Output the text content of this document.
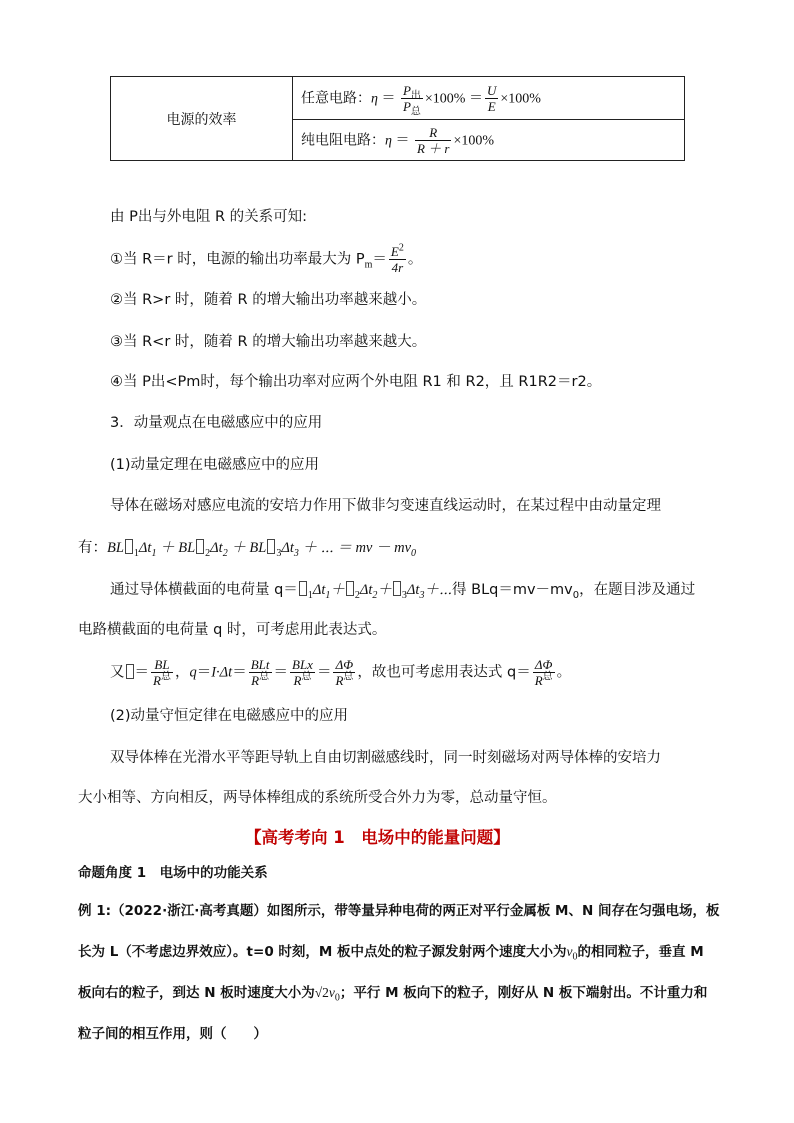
电源的效率	任意电路：$\eta = \frac{P_出}{P_总} \times 100\% = \frac{U}{E} \times 100\%$
纯电阻电路：$\eta = \frac{R}{R + r} \times 100\%$
由 P出与外电阻 R 的关系可知:
①当 R＝r 时，电源的输出功率最大为 $P_m= \frac{E^2}{4r}$ 。
②当 R>r 时，随着 R 的增大输出功率越来越小。
③当 R<r 时，随着 R 的增大输出功率越来越大。
④当 P出<Pm时，每个输出功率对应两个外电阻 R1 和 R2，且 R1R2＝r2。
3．动量观点在电磁感应中的应用
(1)动量定理在电磁感应中的应用
导体在磁场对感应电流的安培力作用下做非匀变速直线运动时，在某过程中由动量定理
有：BL $_1\Delta t_1$ ＋ BL $_2\Delta t_2$ ＋ BL $_3\Delta t_3$ ＋ ⋯ ＝ mv － $mv_0$
通过导体横截面的电荷量 $q= _1\Delta t_1+ _2\Delta t_2+$ $_3\Delta t_3+\cdots$得 $BLq=mv-mv_0$，在题目涉及通过
电路横截面的电荷量 q 时，可考虑用此表达式。
又 ＝ $\frac{BL}{R^总}$ ，$q=I\cdot\Delta t= \frac{\text{BLt}}{R^总} = \frac{\text{BLx}}{R^总} = \frac{\Delta\Phi}{R^总}$ ，故也可考虑用表达式 $q= \frac{\Delta\Phi}{R^总}$ 。
(2)动量守恒定律在电磁感应中的应用
双导体棒在光滑水平等距导轨上自由切割磁感线时，同一时刻磁场对两导体棒的安培力
大小相等、方向相反，两导体棒组成的系统所受合外力为零，总动量守恒。
【高考考向 1　电场中的能量问题】
命题角度 1　电场中的功能关系
例 1:（2022·浙江·高考真题）如图所示，带等量异种电荷的两正对平行金属板 M、N 间存在匀强电场，板
长为 L（不考虑边界效应）。t=0 时刻，M 板中点处的粒子源发射两个速度大小为$v_0$的相同粒子，垂直 M
板向右的粒子，到达 N 板时速度大小为$√2v_0$；平行 M 板向下的粒子，刚好从 N 板下端射出。不计重力和
粒子间的相互作用，则（　　）
